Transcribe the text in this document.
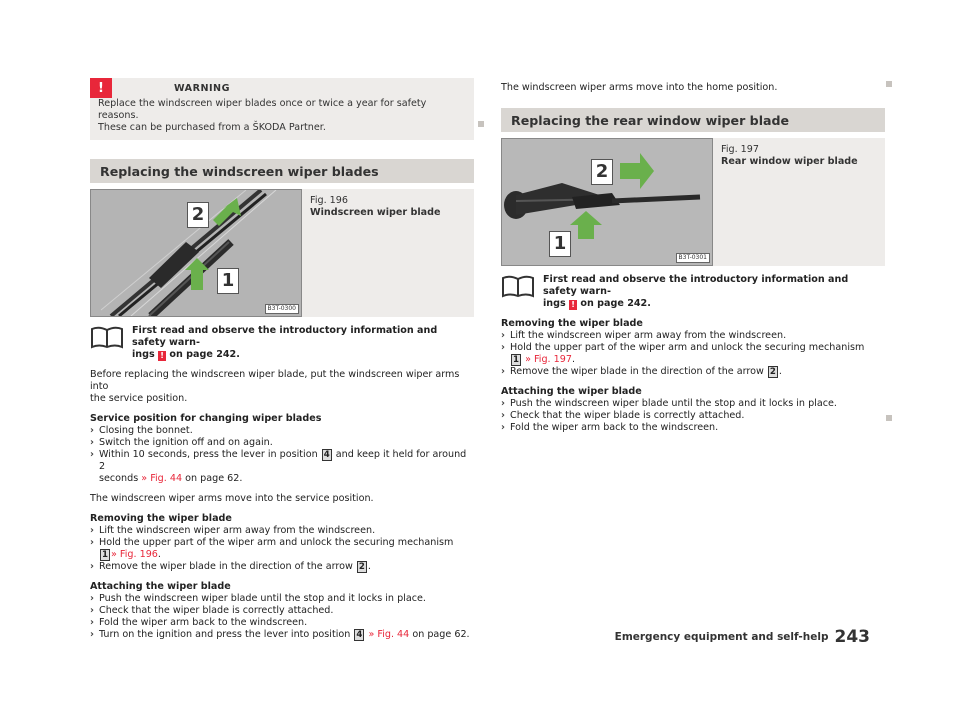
!	WARNING

Replace the windscreen wiper blades once or twice a year for safety reasons.

These can be purchased from a ŠKODA Partner.

Replacing the windscreen wiper blades
2
1
B3T-0300
Fig. 196
Windscreen wiper blade
First read and observe the introductory information and safety warn-
ings ! on page 242.

Before replacing the windscreen wiper blade, put the windscreen wiper arms into

the service position.

Service position for changing wiper blades

› Closing the bonnet.
› Switch the ignition off and on again.
› Within 10 seconds, press the lever in position 4 and keep it held for around 2
seconds » Fig. 44 on page 62.

The windscreen wiper arms move into the service position.

Removing the wiper blade

› Lift the windscreen wiper arm away from the windscreen.
› Hold the upper part of the wiper arm and unlock the securing mechanism
1 » Fig. 196.
› Remove the wiper blade in the direction of the arrow 2 .

Attaching the wiper blade

› Push the windscreen wiper blade until the stop and it locks in place.
› Check that the wiper blade is correctly attached.
› Fold the wiper arm back to the windscreen.
› Turn on the ignition and press the lever into position 4 » Fig. 44 on page 62.

The windscreen wiper arms move into the home position.

Replacing the rear window wiper blade
2
1
B3T-0301
Fig. 197
Rear window wiper blade
First read and observe the introductory information and safety warn-
ings ! on page 242.

Removing the wiper blade

› Lift the windscreen wiper arm away from the windscreen.
› Hold the upper part of the wiper arm and unlock the securing mechanism
1 » Fig. 197.
› Remove the wiper blade in the direction of the arrow 2 .

Attaching the wiper blade

› Push the windscreen wiper blade until the stop and it locks in place.
› Check that the wiper blade is correctly attached.
› Fold the wiper arm back to the windscreen.
Emergency equipment and self-help 243
